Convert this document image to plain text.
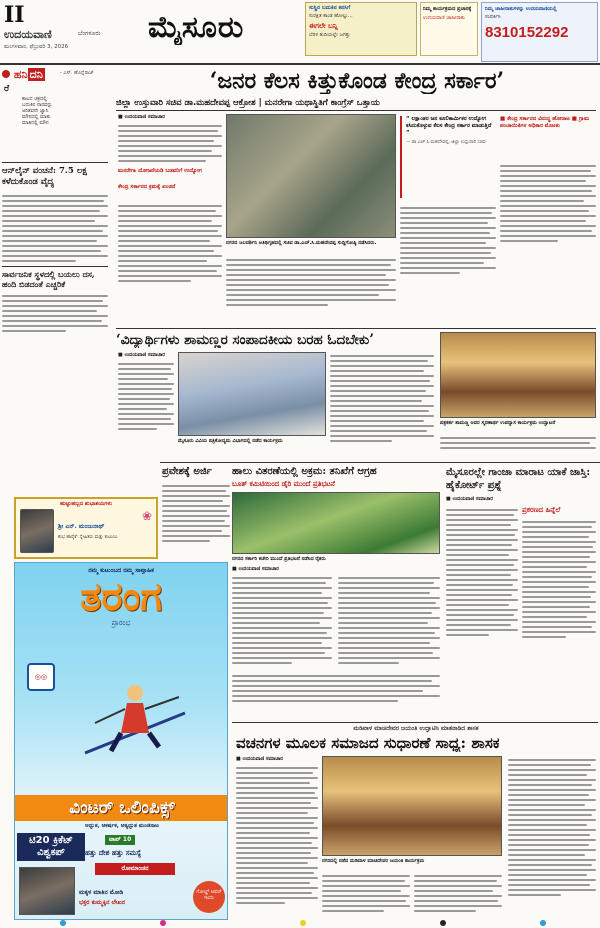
II
ಉದಯವಾಣಿ	ಬೆಂಗಳೂರು
ಮಂಗಳವಾರ, ಫೆಬ್ರುವರಿ 3, 2026
ಮೈಸೂರು
ಸುಸ್ಥಿರ ಬದುಕಿನ ಕನಸಿಗೆ
ಸುರಕ್ಷಿತ ಕಾಂಡ ಹೋಲ್ಲು...
ಈಗಲೇ ಬನ್ನಿ
ಬೆರಳ ತುದಿಯಲ್ಲೇ ಜಗತ್ತು
ನಿಮ್ಮ ಕಾರ್ಯಕ್ರಮದ ಪ್ರಚಾರಕ್ಕೆ
ಉದಯವಾಣಿ ಜಾಹೀರಾತು
ನಿಮ್ಮ ಜಾಹೀರಾತುಗಳನ್ನು ಉದಯವಾಣಿಯಲ್ಲಿ
ಸಂಪರ್ಕಿಸಿ
8310152292
ಹನಿ ದನಿ	- ಎಸ್. ಹೊನ್ನೆರಾಜ್
ರೆ
ಕಾಲದ ಚಕ್ರದಲ್ಲಿ
ಬದುಕಿನ ಸಾರವನ್ನು
ಅರಿತವನೇ ಜ್ಞಾನಿ
ಮೌನದಲ್ಲಿ ಮಾತು
ಮಾತಿನಲ್ಲಿ ಮೌನ
ಆನ್‌ಲೈನ್ ವಂಚನೆ: 7.5 ಲಕ್ಷ ಕಳೆದುಕೊಂಡ ವೈದ್ಯ
ಸಾರ್ವಜನಿಕ ಸ್ಥಳದಲ್ಲಿ ಬಯಲು ದಸ, ಹಂದಿ ಬಿಡದಂತೆ ಎಚ್ಚರಿಕೆ
ಹುಟ್ಟುಹಬ್ಬದ ಶುಭಾಶಯಗಳು
ಶ್ರೀ ಎನ್. ಮಂಜುನಾಥ್
ಶುಭ ಹಾರೈಕೆ: ಸ್ನೇಹಿತರು ಮತ್ತು ಕುಟುಂಬ
❀
ನಮ್ಮ ಕುಟುಂಬದ ನಮ್ಮ ಸಾಪ್ತಾಹಿಕ
ತರಂಗ
ಪ್ರಾರಂಭ
◎◎
ವಿಂಟರ್ ಒಲಿಂಪಿಕ್ಸ್
ಅದ್ಭುತ, ಆಕರ್ಷಕ, ಅತ್ಯದ್ಭುತ ಮಂಜಿನಾಟ
ಟಾಪ್ 10
ಹತ್ತು ದೇಶ ಹತ್ತು ಸಮಸ್ಯೆ
ಟಿ20 ಕ್ರಿಕೆಟ್ ವಿಶ್ವಕಪ್
ರೋಮಾಂಚನ
ಗೋಲ್ಡ್ ಆಫರ್ ಇಂದು
ಮಕ್ಕಳ ಮಾತಿನ ಮೋಡಿ
ಭಕ್ತರ ಕುಮ್ಮಕ್ಕಿನ ಲೇಖನ
‘ಜನರ ಕೆಲಸ ಕಿತ್ತುಕೊಂಡ ಕೇಂದ್ರ ಸರ್ಕಾರ’
ಜಿಲ್ಲಾ ಉಸ್ತುವಾರಿ ಸಚಿವ ಡಾ.ಮಹದೇವಪ್ಪ ಆಕ್ರೋಶ | ಮನರೇಗಾ ಯಥಾಸ್ಥಿತಿಗೆ ಕಾಂಗ್ರೆಸ್ ಒತ್ತಾಯ
■ ಉದಯವಾಣಿ ಸಮಾಚಾರ
ಮನರೇಗಾ ಯೋಜನೆಯಡಿ ಬಡವರಿಗೆ ಉದ್ಯೋಗ
ಕೇಂದ್ರ ಸರ್ಕಾರದ ಕ್ರಮಕ್ಕೆ ಖಂಡನೆ
ನಗರದ ಜಲದರ್ಶಿನಿ ಅತಿಥಿಗೃಹದಲ್ಲಿ ಸಚಿವ ಡಾ.ಎಚ್.ಸಿ.ಮಹದೇವಪ್ಪ ಸುದ್ದಿಗೋಷ್ಠಿ ನಡೆಸಿದರು.
“ ಲಕ್ಷಾಂತರ ಜನ ಕೂಲಿಕಾರ್ಮಿಕರ ಉದ್ಯೋಗ ಕಸಿದುಕೊಳ್ಳುವ ಕೆಲಸ ಕೇಂದ್ರ ಸರ್ಕಾರ ಮಾಡುತ್ತಿದೆ ”
— ಡಾ.ಎಚ್.ಸಿ.ಮಹದೇವಪ್ಪ, ಜಿಲ್ಲಾ ಉಸ್ತುವಾರಿ ಸಚಿವ
■ ಕೇಂದ್ರ ಸರ್ಕಾರದ ವಿರುದ್ಧ ಹೋರಾಟ ■ ಗ್ರಾಮ ಪಂಚಾಯಿತಿಗಳ ಅಧಿಕಾರ ಮೊಟಕು
‘ವಿದ್ಯಾರ್ಥಿಗಳು ಶಾಮಣ್ಣರ ಸಂಪಾದಕೀಯ ಬರಹ ಓದಬೇಕು’
■ ಉದಯವಾಣಿ ಸಮಾಚಾರ
ಮೈಸೂರು ವಿವಿಯ ಪತ್ರಿಕೋದ್ಯಮ ವಿಭಾಗದಲ್ಲಿ ನಡೆದ ಕಾರ್ಯಕ್ರಮ
ಪತ್ರಕರ್ತ ಶಾಮಣ್ಣ ಅವರ ಸ್ಮರಣಾರ್ಥ ಉಪನ್ಯಾಸ ಕಾರ್ಯಕ್ರಮ ಉದ್ಘಾಟನೆ
ಪ್ರವೇಶಕ್ಕೆ ಅರ್ಜಿ ಹಾಲು ವಿತರಣೆಯಲ್ಲಿ ಅಕ್ರಮ: ತನಿಖೆಗೆ ಆಗ್ರಹ
ಬೂತ್ ಕಮಿಟಿಯಿಂದ ಡೈರಿ ಮುಂದೆ ಪ್ರತಿಭಟನೆ
ನಗರದ ಸರ್ಕಾರಿ ಕಚೇರಿ ಮುಂದೆ ಪ್ರತಿಭಟನೆ ನಡೆಸಿದ ರೈತರು
■ ಉದಯವಾಣಿ ಸಮಾಚಾರ
ಮೈಸೂರಲ್ಲೇ ಗಾಂಜಾ ಮಾರಾಟ ಯಾಕೆ ಜಾಸ್ತಿ: ಹೈಕೋರ್ಟ್ ಪ್ರಶ್ನೆ
■ ಉದಯವಾಣಿ ಸಮಾಚಾರ
ಪ್ರಕರಣದ ಹಿನ್ನೆಲೆ
ಮಡಿವಾಳ ಮಾಚಿದೇವರ ಜಯಂತಿ ಉದ್ಘಾಟಿಸಿ ಮಾತನಾಡಿದ ಶಾಸಕ
ವಚನಗಳ ಮೂಲಕ ಸಮಾಜದ ಸುಧಾರಣೆ ಸಾಧ್ಯ: ಶಾಸಕ
■ ಉದಯವಾಣಿ ಸಮಾಚಾರ
ನಗರದಲ್ಲಿ ನಡೆದ ಮಡಿವಾಳ ಮಾಚಿದೇವರ ಜಯಂತಿ ಕಾರ್ಯಕ್ರಮ
